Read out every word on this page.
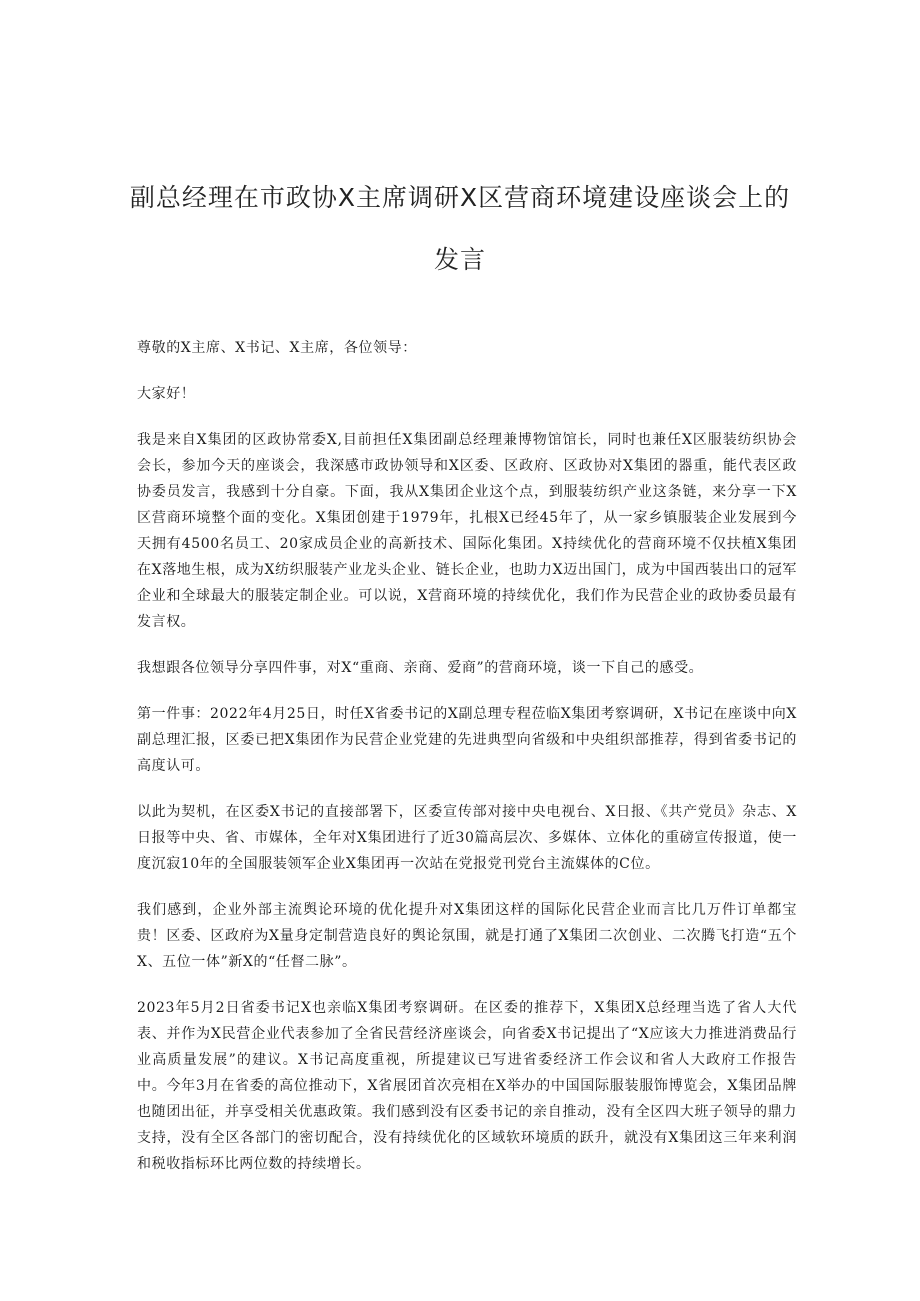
副总经理在市政协X主席调研X区营商环境建设座谈会上的
发言

尊敬的X主席、X书记、X主席，各位领导：

大家好！

我是来自X集团的区政协常委X,目前担任X集团副总经理兼博物馆馆长，同时也兼任X区服装纺织协会会长，参加今天的座谈会，我深感市政协领导和X区委、区政府、区政协对X集团的器重，能代表区政协委员发言，我感到十分自豪。下面，我从X集团企业这个点，到服装纺织产业这条链，来分享一下X区营商环境整个面的变化。X集团创建于1979年，扎根X已经45年了，从一家乡镇服装企业发展到今天拥有4500名员工、20家成员企业的高新技术、国际化集团。X持续优化的营商环境不仅扶植X集团在X落地生根，成为X纺织服装产业龙头企业、链长企业，也助力X迈出国门，成为中国西装出口的冠军企业和全球最大的服装定制企业。可以说，X营商环境的持续优化，我们作为民营企业的政协委员最有发言权。

我想跟各位领导分享四件事，对X“重商、亲商、爱商”的营商环境，谈一下自己的感受。

第一件事：2022年4月25日，时任X省委书记的X副总理专程莅临X集团考察调研，X书记在座谈中向X副总理汇报，区委已把X集团作为民营企业党建的先进典型向省级和中央组织部推荐，得到省委书记的高度认可。

以此为契机，在区委X书记的直接部署下，区委宣传部对接中央电视台、X日报、《共产党员》杂志、X日报等中央、省、市媒体，全年对X集团进行了近30篇高层次、多媒体、立体化的重磅宣传报道，使一度沉寂10年的全国服装领军企业X集团再一次站在党报党刊党台主流媒体的C位。

我们感到，企业外部主流舆论环境的优化提升对X集团这样的国际化民营企业而言比几万件订单都宝贵！区委、区政府为X量身定制营造良好的舆论氛围，就是打通了X集团二次创业、二次腾飞打造“五个X、五位一体”新X的“任督二脉”。

2023年5月2日省委书记X也亲临X集团考察调研。在区委的推荐下，X集团X总经理当选了省人大代表、并作为X民营企业代表参加了全省民营经济座谈会，向省委X书记提出了“X应该大力推进消费品行业高质量发展”的建议。X书记高度重视，所提建议已写进省委经济工作会议和省人大政府工作报告中。今年3月在省委的高位推动下，X省展团首次亮相在X举办的中国国际服装服饰博览会，X集团品牌也随团出征，并享受相关优惠政策。我们感到没有区委书记的亲自推动，没有全区四大班子领导的鼎力支持，没有全区各部门的密切配合，没有持续优化的区域软环境质的跃升，就没有X集团这三年来利润和税收指标环比两位数的持续增长。
